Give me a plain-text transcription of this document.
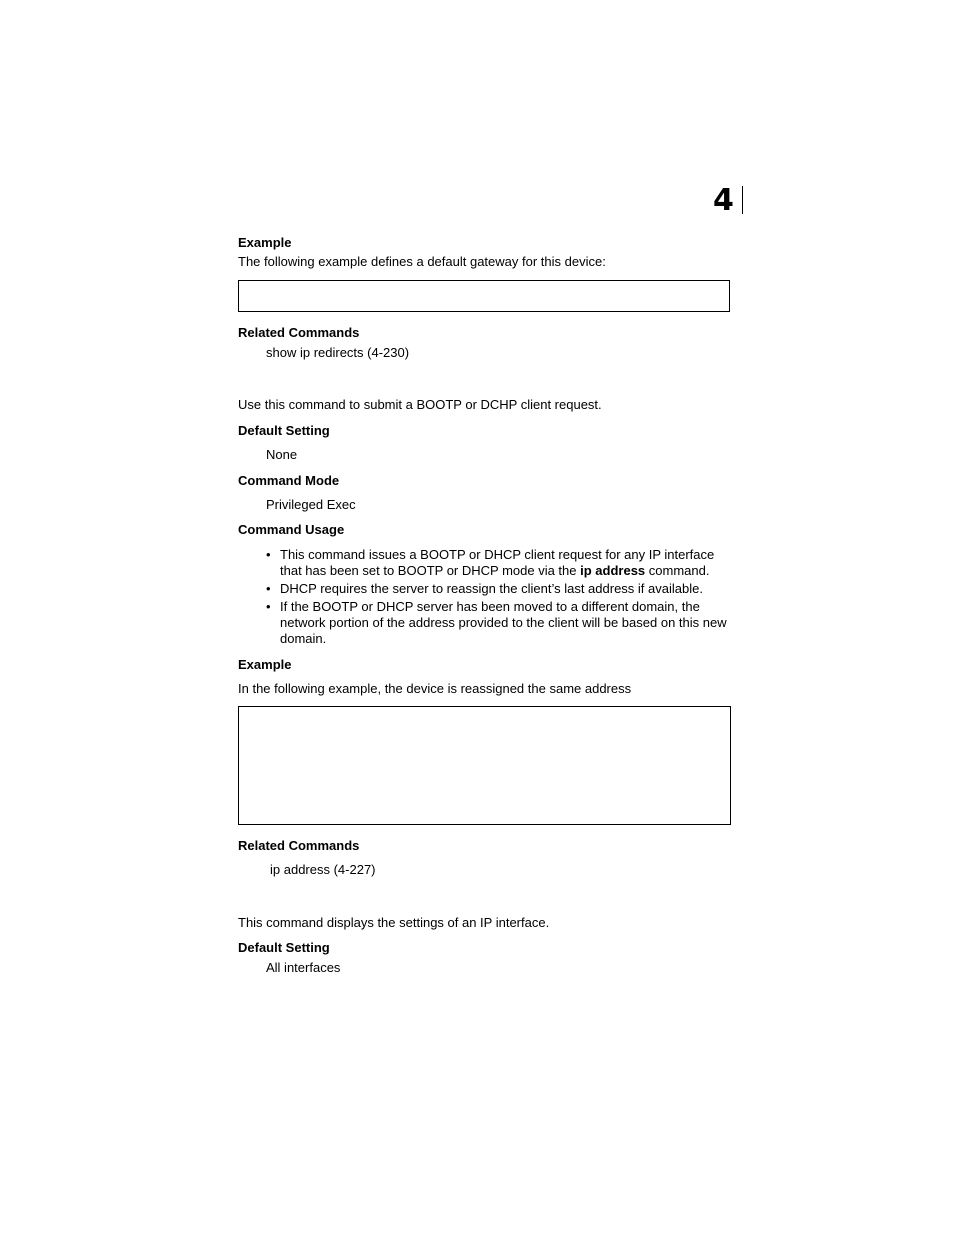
4
Example
The following example defines a default gateway for this device:
Related Commands
show ip redirects (4-230)
Use this command to submit a BOOTP or DCHP client request.
Default Setting
None
Command Mode
Privileged Exec
Command Usage
• This command issues a BOOTP or DHCP client request for any IP interface
that has been set to BOOTP or DHCP mode via the ip address command.
• DHCP requires the server to reassign the client’s last address if available.
• If the BOOTP or DHCP server has been moved to a different domain, the
network portion of the address provided to the client will be based on this new
domain.
Example
In the following example, the device is reassigned the same address
Related Commands
ip address (4-227)
This command displays the settings of an IP interface.
Default Setting
All interfaces
